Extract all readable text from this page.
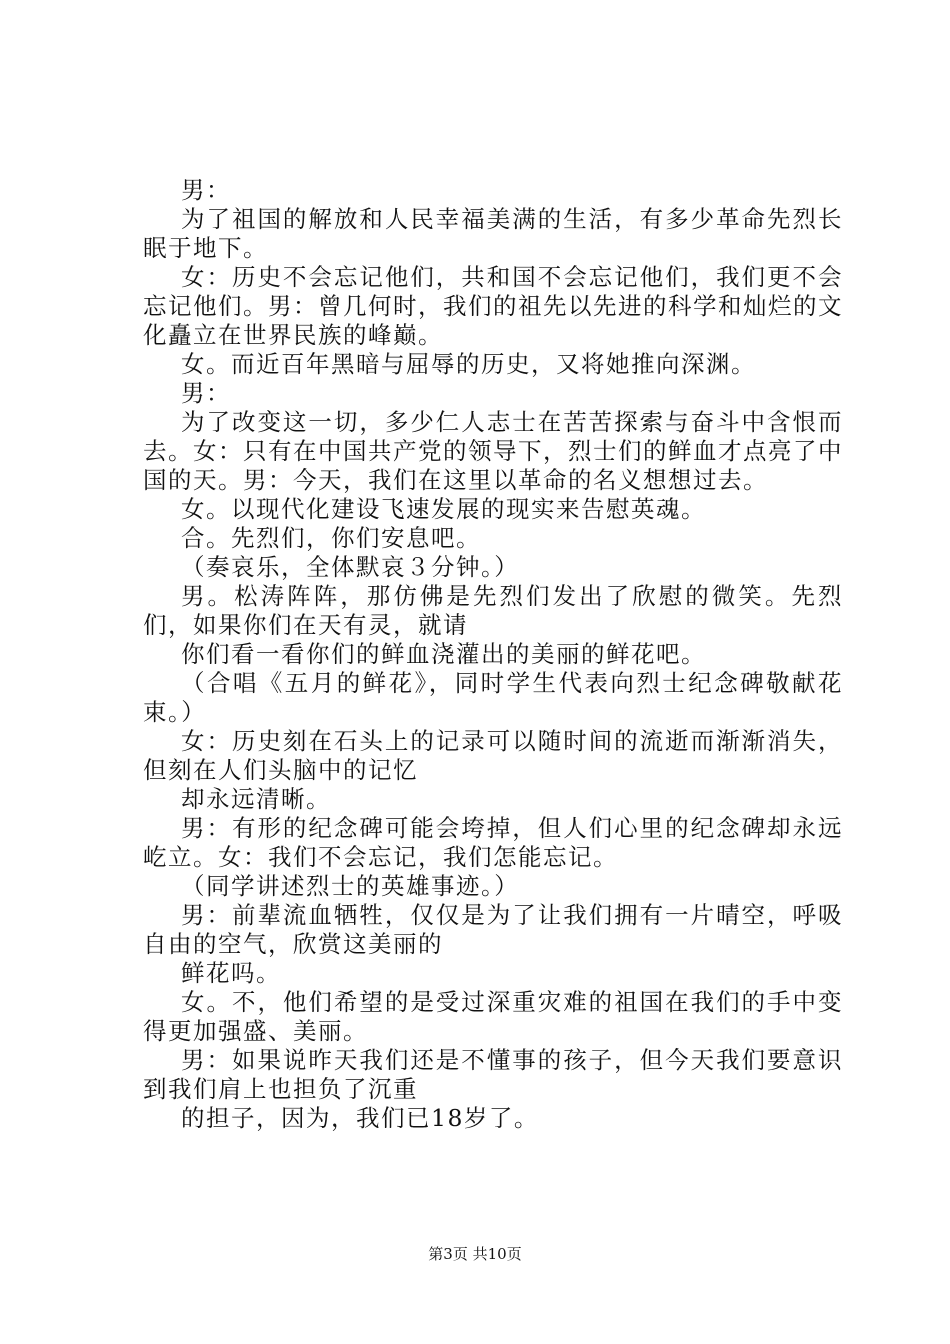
男：

为了祖国的解放和人民幸福美满的生活，有多少革命先烈长眠于地下。

女：历史不会忘记他们，共和国不会忘记他们，我们更不会忘记他们。男：曾几何时，我们的祖先以先进的科学和灿烂的文化矗立在世界民族的峰巅。

女。而近百年黑暗与屈辱的历史，又将她推向深渊。

男：

为了改变这一切，多少仁人志士在苦苦探索与奋斗中含恨而去。女：只有在中国共产党的领导下，烈士们的鲜血才点亮了中国的天。男：今天，我们在这里以革命的名义想想过去。

女。以现代化建设飞速发展的现实来告慰英魂。

合。先烈们，你们安息吧。

（奏哀乐，全体默哀３分钟。）

男。松涛阵阵，那仿佛是先烈们发出了欣慰的微笑。先烈们，如果你们在天有灵，就请

你们看一看你们的鲜血浇灌出的美丽的鲜花吧。

（合唱《五月的鲜花》，同时学生代表向烈士纪念碑敬献花束。）

女：历史刻在石头上的记录可以随时间的流逝而渐渐消失，但刻在人们头脑中的记忆

却永远清晰。

男：有形的纪念碑可能会垮掉，但人们心里的纪念碑却永远屹立。女：我们不会忘记，我们怎能忘记。

（同学讲述烈士的英雄事迹。）

男：前辈流血牺牲，仅仅是为了让我们拥有一片晴空，呼吸自由的空气，欣赏这美丽的

鲜花吗。

女。不，他们希望的是受过深重灾难的祖国在我们的手中变得更加强盛、美丽。

男：如果说昨天我们还是不懂事的孩子，但今天我们要意识到我们肩上也担负了沉重

的担子，因为，我们已18岁了。

第3页 共10页
